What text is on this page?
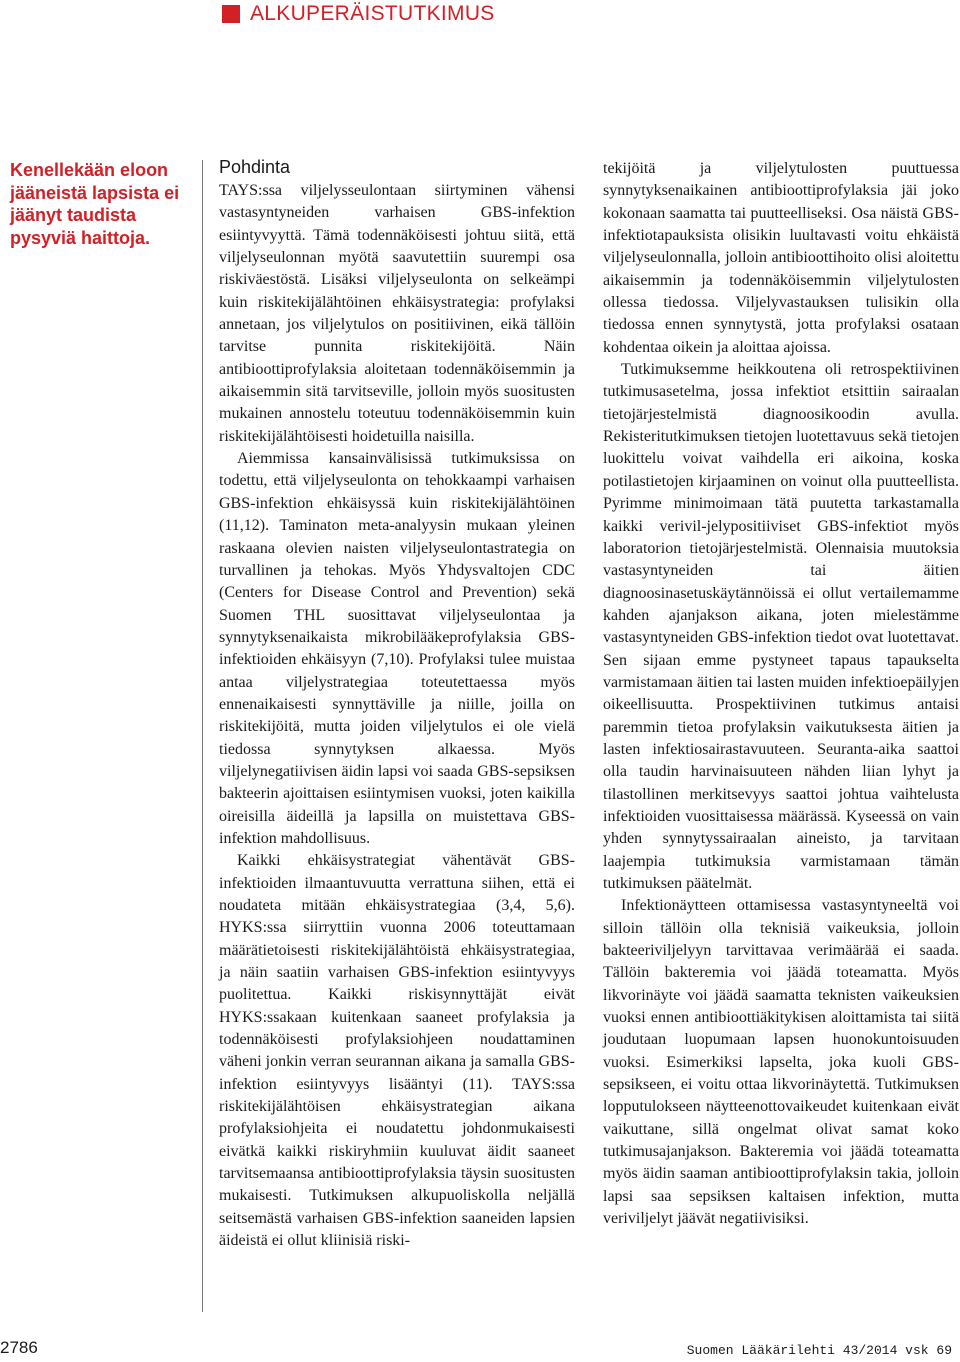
ALKUPERÄISTUTKIMUS
Kenellekään eloon jääneistä lapsista ei jäänyt taudista pysyviä haittoja.
Pohdinta

TAYS:ssa viljelysseulontaan siirtyminen vähensi vastasyntyneiden varhaisen GBS-infektion esiintyvyyttä. Tämä todennäköisesti johtuu siitä, että viljelyseulonnan myötä saavutettiin suurempi osa riskiväestöstä. Lisäksi viljelyseulonta on selkeämpi kuin riskitekijälähtöinen ehkäisystrategia: profylaksi annetaan, jos viljelytulos on positiivinen, eikä tällöin tarvitse punnita riskitekijöitä. Näin antibioottiprofylaksia aloitetaan todennäköisemmin ja aikaisemmin sitä tarvitseville, jolloin myös suositusten mukainen annostelu toteutuu todennäköisemmin kuin riskitekijälähtöisesti hoidetuilla naisilla.

Aiemmissa kansainvälisissä tutkimuksissa on todettu, että viljelyseulonta on tehokkaampi varhaisen GBS-infektion ehkäisyssä kuin riskitekijälähtöinen (11,12). Taminaton meta-analyysin mukaan yleinen raskaana olevien naisten viljelyseulontastrategia on turvallinen ja tehokas. Myös Yhdysvaltojen CDC (Centers for Disease Control and Prevention) sekä Suomen THL suosittavat viljelyseulontaa ja synnytyksenaikaista mikrobilääkeprofylaksia GBS-infektioiden ehkäisyyn (7,10). Profylaksi tulee muistaa antaa viljelystrategiaa toteutettaessa myös ennenaikaisesti synnyttäville ja niille, joilla on riskitekijöitä, mutta joiden viljelytulos ei ole vielä tiedossa synnytyksen alkaessa. Myös viljelynegatiivisen äidin lapsi voi saada GBS-sepsiksen bakteerin ajoittaisen esiintymisen vuoksi, joten kaikilla oireisilla äideillä ja lapsilla on muistettava GBS-infektion mahdollisuus.

Kaikki ehkäisystrategiat vähentävät GBS-infektioiden ilmaantuvuutta verrattuna siihen, että ei noudateta mitään ehkäisystrategiaa (3,4, 5,6). HYKS:ssa siirryttiin vuonna 2006 toteuttamaan määrätietoisesti riskitekijälähtöistä ehkäisystrategiaa, ja näin saatiin varhaisen GBS-infektion esiintyvyys puolitettua. Kaikki riskisynnyttäjät eivät HYKS:ssakaan kuitenkaan saaneet profylaksia ja todennäköisesti profylaksiohjeen noudattaminen väheni jonkin verran seurannan aikana ja samalla GBS-infektion esiintyvyys lisääntyi (11). TAYS:ssa riskitekijälähtöisen ehkäisystrategian aikana profylaksiohjeita ei noudatettu johdonmukaisesti eivätkä kaikki riskiryhmiin kuuluvat äidit saaneet tarvitsemaansa antibioottiprofylaksia täysin suositusten mukaisesti. Tutkimuksen alkupuoliskolla neljällä seitsemästä varhaisen GBS-infektion saaneiden lapsien äideistä ei ollut kliinisiä riski-

tekijöitä ja viljelytulosten puuttuessa synnytyksenaikainen antibioottiprofylaksia jäi joko kokonaan saamatta tai puutteelliseksi. Osa näistä GBS-infektiotapauksista olisikin luultavasti voitu ehkäistä viljelyseulonnalla, jolloin antibioottihoito olisi aloitettu aikaisemmin ja todennäköisemmin viljelytulosten ollessa tiedossa. Viljelyvastauksen tulisikin olla tiedossa ennen synnytystä, jotta profylaksi osataan kohdentaa oikein ja aloittaa ajoissa.

Tutkimuksemme heikkoutena oli retrospektiivinen tutkimusasetelma, jossa infektiot etsittiin sairaalan tietojärjestelmistä diagnoosikoodin avulla. Rekisteritutkimuksen tietojen luotettavuus sekä tietojen luokittelu voivat vaihdella eri aikoina, koska potilastietojen kirjaaminen on voinut olla puutteellista. Pyrimme minimoimaan tätä puutetta tarkastamalla kaikki verivil-jelypositiiviset GBS-infektiot myös laboratorion tietojärjestelmistä. Olennaisia muutoksia vastasyntyneiden tai äitien diagnoosinasetuskäytännöissä ei ollut vertailemamme kahden ajanjakson aikana, joten mielestämme vastasyntyneiden GBS-infektion tiedot ovat luotettavat. Sen sijaan emme pystyneet tapaus tapaukselta varmistamaan äitien tai lasten muiden infektioepäilyjen oikeellisuutta. Prospektiivinen tutkimus antaisi paremmin tietoa profylaksin vaikutuksesta äitien ja lasten infektiosairastavuuteen. Seuranta-aika saattoi olla taudin harvinaisuuteen nähden liian lyhyt ja tilastollinen merkitsevyys saattoi johtua vaihtelusta infektioiden vuosittaisessa määrässä. Kyseessä on vain yhden synnytyssairaalan aineisto, ja tarvitaan laajempia tutkimuksia varmistamaan tämän tutkimuksen päätelmät.

Infektionäytteen ottamisessa vastasyntyneeltä voi silloin tällöin olla teknisiä vaikeuksia, jolloin bakteeriviljelyyn tarvittavaa verimäärää ei saada. Tällöin bakteremia voi jäädä toteamatta. Myös likvorinäyte voi jäädä saamatta teknisten vaikeuksien vuoksi ennen antibioottiäkitykisen aloittamista tai siitä joudutaan luopumaan lapsen huonokuntoisuuden vuoksi. Esimerkiksi lapselta, joka kuoli GBS-sepsikseen, ei voitu ottaa likvorinäytettä. Tutkimuksen lopputulokseen näytteenottovaikeudet kuitenkaan eivät vaikuttane, sillä ongelmat olivat samat koko tutkimusajanjakson. Bakteremia voi jäädä toteamatta myös äidin saaman antibioottiprofylaksin takia, jolloin lapsi saa sepsiksen kaltaisen infektion, mutta veriviljelyt jäävät negatiivisiksi.

2786	Suomen Lääkärilehti 43/2014 vsk 69
